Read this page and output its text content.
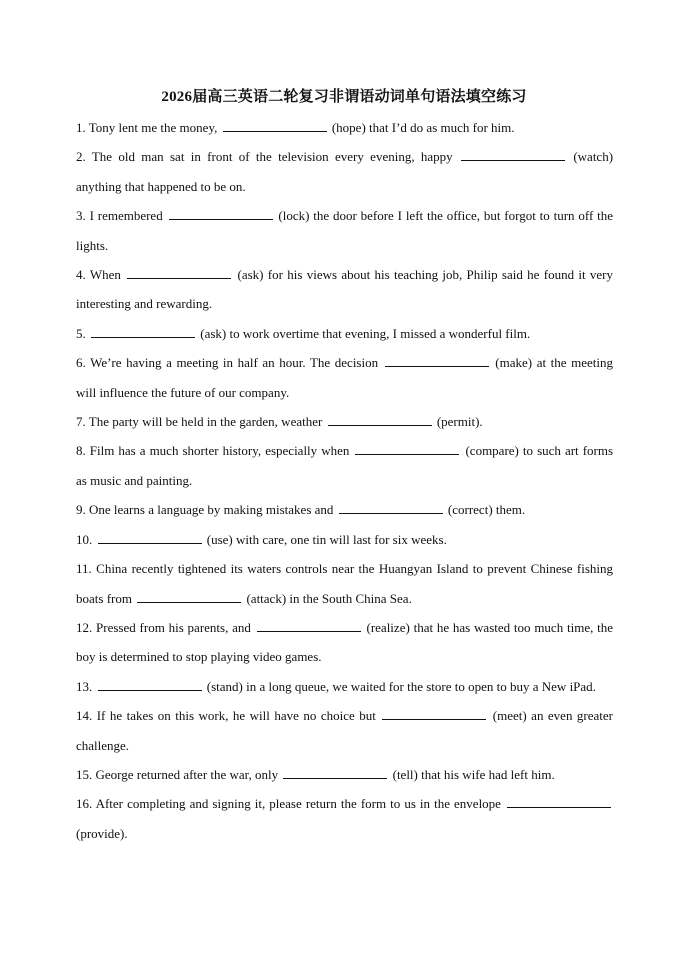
2026届高三英语二轮复习非谓语动词单句语法填空练习
1. Tony lent me the money,	(hope) that I’d do as much for him.
2. The old man sat in front of the television every evening, happy	(watch) anything that happened to be on.
3. I remembered	(lock) the door before I left the office, but forgot to turn off the lights.
4. When	(ask) for his views about his teaching job, Philip said he found it very interesting and rewarding.
5.	(ask) to work overtime that evening, I missed a wonderful film.
6. We’re having a meeting in half an hour. The decision	(make) at the meeting will influence the future of our company.
7. The party will be held in the garden, weather	(permit).
8. Film has a much shorter history, especially when	(compare) to such art forms as music and painting.
9. One learns a language by making mistakes and	(correct) them.
10.	(use) with care, one tin will last for six weeks.
11. China recently tightened its waters controls near the Huangyan Island to prevent Chinese fishing boats from	(attack) in the South China Sea.
12. Pressed from his parents, and	(realize) that he has wasted too much time, the boy is determined to stop playing video games.
13.	(stand) in a long queue, we waited for the store to open to buy a New iPad.
14. If he takes on this work, he will have no choice but	(meet) an even greater challenge.
15. George returned after the war, only	(tell) that his wife had left him.
16. After completing and signing it, please return the form to us in the envelope  (provide).
